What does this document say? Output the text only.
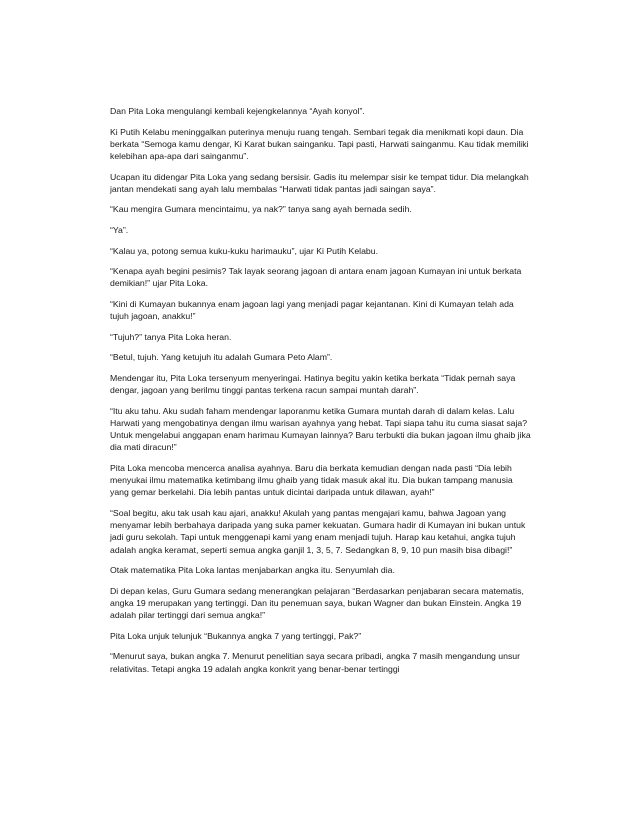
Dan Pita Loka mengulangi kembali kejengkelannya “Ayah konyol”.

Ki Putih Kelabu meninggalkan puterinya menuju ruang tengah. Sembari tegak dia menikmati kopi daun. Dia berkata “Semoga kamu dengar, Ki Karat bukan sainganku. Tapi pasti, Harwati sainganmu. Kau tidak memiliki kelebihan apa-apa dari sainganmu”.

Ucapan itu didengar Pita Loka yang sedang bersisir. Gadis itu melempar sisir ke tempat tidur. Dia melangkah jantan mendekati sang ayah lalu membalas “Harwati tidak pantas jadi saingan saya”.

“Kau mengira Gumara mencintaimu, ya nak?” tanya sang ayah bernada sedih.

“Ya”.

“Kalau ya, potong semua kuku-kuku harimauku”, ujar Ki Putih Kelabu.

“Kenapa ayah begini pesimis? Tak layak seorang jagoan di antara enam jagoan Kumayan ini untuk berkata demikian!” ujar Pita Loka.

“Kini di Kumayan bukannya enam jagoan lagi yang menjadi pagar kejantanan. Kini di Kumayan telah ada tujuh jagoan, anakku!”

“Tujuh?” tanya Pita Loka heran.

“Betul, tujuh. Yang ketujuh itu adalah Gumara Peto Alam”.

Mendengar itu, Pita Loka tersenyum menyeringai. Hatinya begitu yakin ketika berkata “Tidak pernah saya dengar, jagoan yang berilmu tinggi pantas terkena racun sampai muntah darah”.

“Itu aku tahu. Aku sudah faham mendengar laporanmu ketika Gumara muntah darah di dalam kelas. Lalu Harwati yang mengobatinya dengan ilmu warisan ayahnya yang hebat. Tapi siapa tahu itu cuma siasat saja? Untuk mengelabui anggapan enam harimau Kumayan lainnya? Baru terbukti dia bukan jagoan ilmu ghaib jika dia mati diracun!”

Pita Loka mencoba mencerca analisa ayahnya. Baru dia berkata kemudian dengan nada pasti “Dia lebih menyukai ilmu matematika ketimbang ilmu ghaib yang tidak masuk akal itu. Dia bukan tampang manusia yang gemar berkelahi. Dia lebih pantas untuk dicintai daripada untuk dilawan, ayah!”

“Soal begitu, aku tak usah kau ajari, anakku! Akulah yang pantas mengajari kamu, bahwa Jagoan yang menyamar lebih berbahaya daripada yang suka pamer kekuatan. Gumara hadir di Kumayan ini bukan untuk jadi guru sekolah. Tapi untuk menggenapi kami yang enam menjadi tujuh. Harap kau ketahui, angka tujuh adalah angka keramat, seperti semua angka ganjil 1, 3, 5, 7. Sedangkan 8, 9, 10 pun masih bisa dibagi!”

Otak matematika Pita Loka lantas menjabarkan angka itu. Senyumlah dia.

Di depan kelas, Guru Gumara sedang menerangkan pelajaran “Berdasarkan penjabaran secara matematis, angka 19 merupakan yang tertinggi. Dan itu penemuan saya, bukan Wagner dan bukan Einstein. Angka 19 adalah pilar tertinggi dari semua angka!”

Pita Loka unjuk telunjuk “Bukannya angka 7 yang tertinggi, Pak?”

“Menurut saya, bukan angka 7. Menurut penelitian saya secara pribadi, angka 7 masih mengandung unsur relativitas. Tetapi angka 19 adalah angka konkrit yang benar-benar tertinggi
